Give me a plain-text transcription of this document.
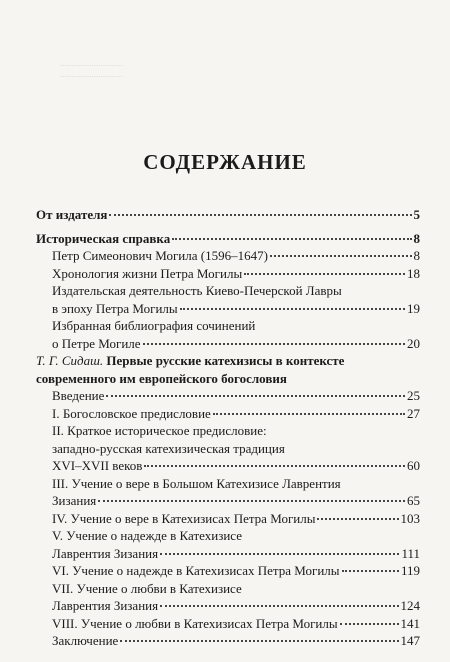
............................
............................
СОДЕРЖАНИЕ
От издателя	5
Историческая справка	8
Петр Симеонович Могила (1596–1647)	8
Хронология жизни Петра Могилы	18
Издательская деятельность Киево-Печерской Лавры
в эпоху Петра Могилы	19
Избранная библиография сочинений
о Петре Могиле	20
Т. Г. Сидаш. Первые русские катехизисы в контексте
современного им европейского богословия
Введение	25
I. Богословское предисловие	27
II. Краткое историческое предисловие:
западно-русская катехизическая традиция
XVI–XVII веков	60
III. Учение о вере в Большом Катехизисе Лаврентия
Зизания	65
IV. Учение о вере в Катехизисах Петра Могилы	103
V. Учение о надежде в Катехизисе
Лаврентия Зизания	111
VI. Учение о надежде в Катехизисах Петра Могилы	119
VII. Учение о любви в Катехизисе
Лаврентия Зизания	124
VIII. Учение о любви в Катехизисах Петра Могилы	141
Заключение	147
